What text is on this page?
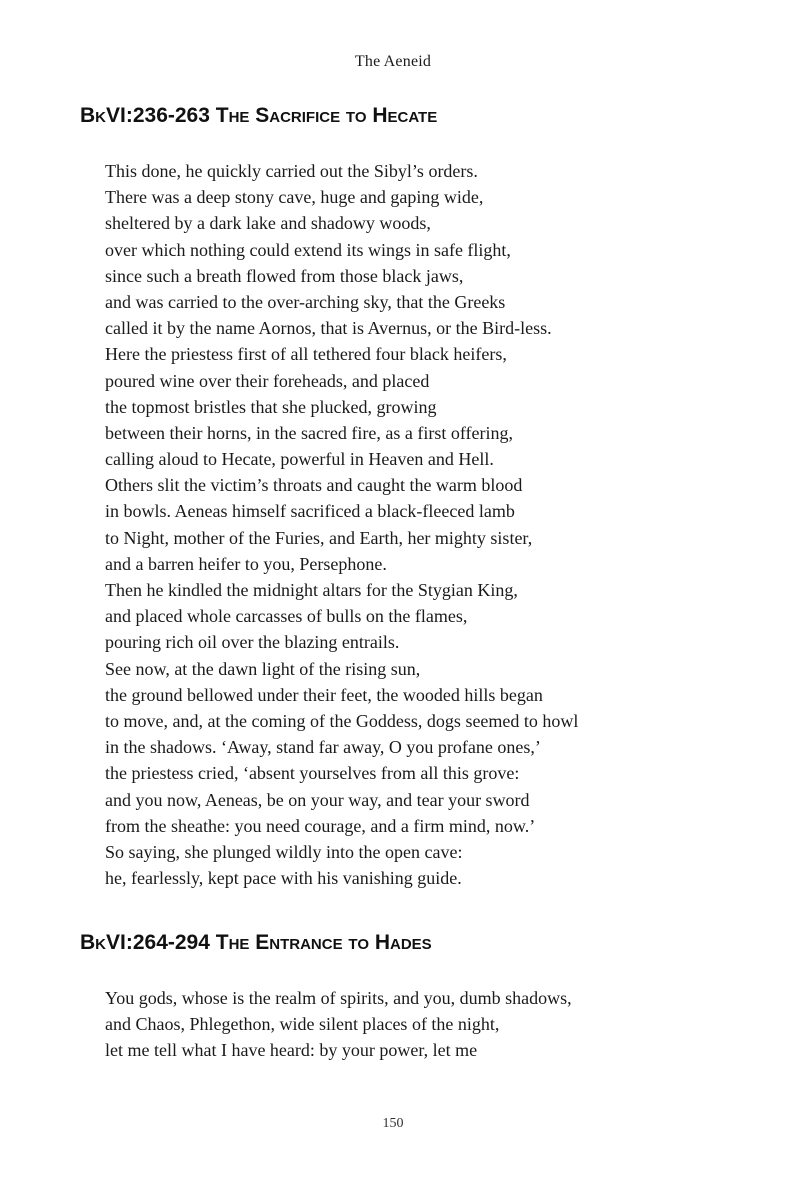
The Aeneid
BkVI:236-263 The Sacrifice to Hecate
This done, he quickly carried out the Sibyl’s orders.
There was a deep stony cave, huge and gaping wide,
sheltered by a dark lake and shadowy woods,
over which nothing could extend its wings in safe flight,
since such a breath flowed from those black jaws,
and was carried to the over-arching sky, that the Greeks
called it by the name Aornos, that is Avernus, or the Bird-less.
Here the priestess first of all tethered four black heifers,
poured wine over their foreheads, and placed
the topmost bristles that she plucked, growing
between their horns, in the sacred fire, as a first offering,
calling aloud to Hecate, powerful in Heaven and Hell.
Others slit the victim’s throats and caught the warm blood
in bowls. Aeneas himself sacrificed a black-fleeced lamb
to Night, mother of the Furies, and Earth, her mighty sister,
and a barren heifer to you, Persephone.
Then he kindled the midnight altars for the Stygian King,
and placed whole carcasses of bulls on the flames,
pouring rich oil over the blazing entrails.
See now, at the dawn light of the rising sun,
the ground bellowed under their feet, the wooded hills began
to move, and, at the coming of the Goddess, dogs seemed to howl
in the shadows. ‘Away, stand far away, O you profane ones,’
the priestess cried, ‘absent yourselves from all this grove:
and you now, Aeneas, be on your way, and tear your sword
from the sheathe: you need courage, and a firm mind, now.’
So saying, she plunged wildly into the open cave:
he, fearlessly, kept pace with his vanishing guide.
BkVI:264-294 The Entrance to Hades
You gods, whose is the realm of spirits, and you, dumb shadows,
and Chaos, Phlegethon, wide silent places of the night,
let me tell what I have heard: by your power, let me
150
